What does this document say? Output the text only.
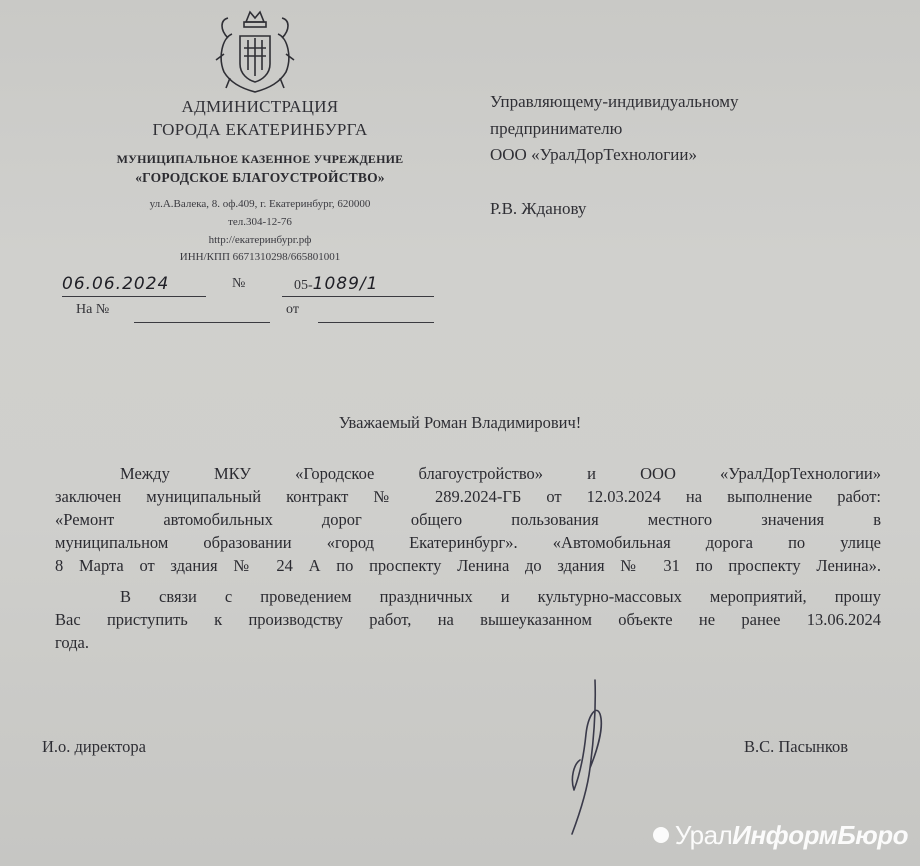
АДМИНИСТРАЦИЯ
ГОРОДА ЕКАТЕРИНБУРГА
МУНИЦИПАЛЬНОЕ КАЗЕННОЕ УЧРЕЖДЕНИЕ
«ГОРОДСКОЕ БЛАГОУСТРОЙСТВО»
ул.А.Валека, 8. оф.409, г. Екатеринбург, 620000
тел.304-12-76
http://екатеринбург.рф
ИНН/КПП 6671310298/665801001
06.06.2024	№	05-1089/1
На №	от
Управляющему-индивидуальному
предпринимателю
ООО «УралДорТехнологии»
Р.В. Жданову
Уважаемый Роман Владимирович!
Между МКУ «Городское благоустройство» и ООО «УралДорТехнологии»
заключен муниципальный контракт № 289.2024-ГБ от 12.03.2024 на выполнение работ:
«Ремонт автомобильных дорог общего пользования местного значения в
муниципальном образовании «город Екатеринбург». «Автомобильная дорога по улице
8 Марта от здания № 24 А по проспекту Ленина до здания № 31 по проспекту Ленина».
В связи с проведением праздничных и культурно-массовых мероприятий, прошу
Вас приступить к производству работ, на вышеуказанном объекте не ранее 13.06.2024
года.
И.о. директора	В.С. Пасынков
Урал ИнформБюро
